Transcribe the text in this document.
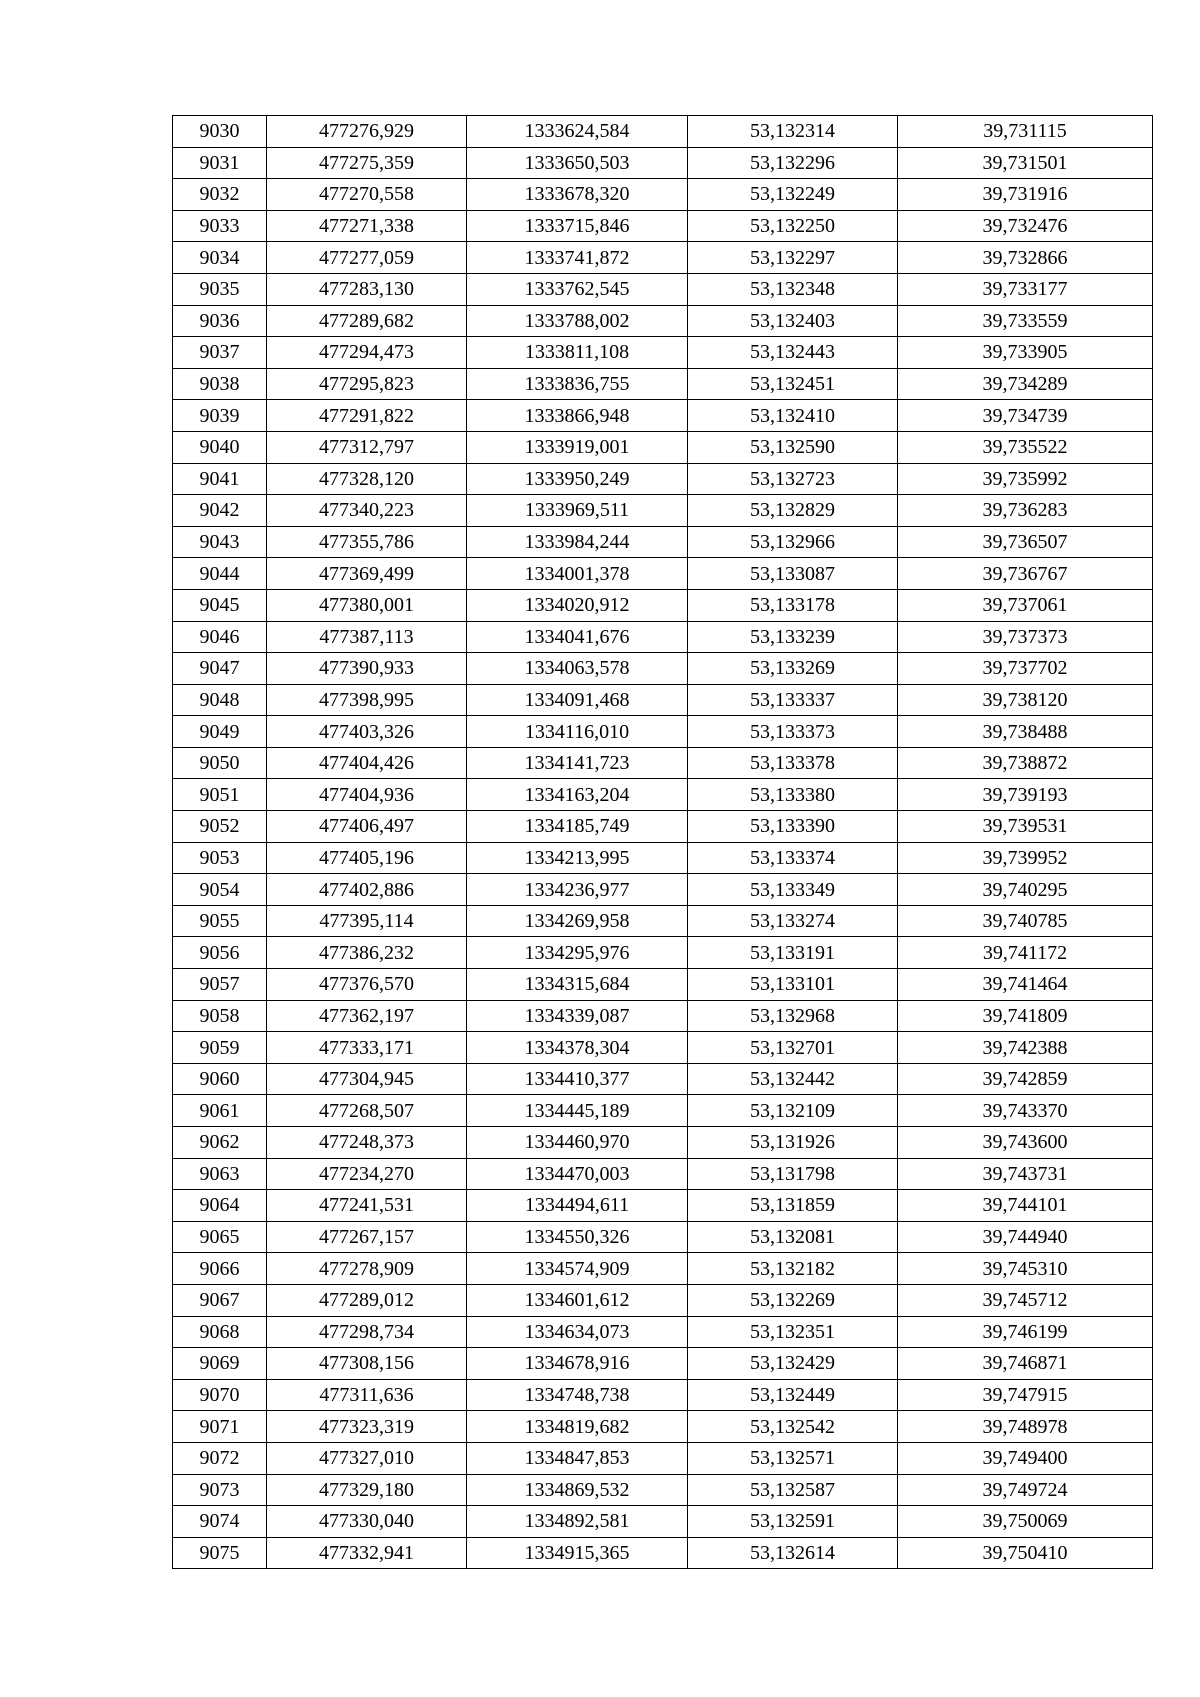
9030	477276,929	1333624,584	53,132314	39,731115
9031	477275,359	1333650,503	53,132296	39,731501
9032	477270,558	1333678,320	53,132249	39,731916
9033	477271,338	1333715,846	53,132250	39,732476
9034	477277,059	1333741,872	53,132297	39,732866
9035	477283,130	1333762,545	53,132348	39,733177
9036	477289,682	1333788,002	53,132403	39,733559
9037	477294,473	1333811,108	53,132443	39,733905
9038	477295,823	1333836,755	53,132451	39,734289
9039	477291,822	1333866,948	53,132410	39,734739
9040	477312,797	1333919,001	53,132590	39,735522
9041	477328,120	1333950,249	53,132723	39,735992
9042	477340,223	1333969,511	53,132829	39,736283
9043	477355,786	1333984,244	53,132966	39,736507
9044	477369,499	1334001,378	53,133087	39,736767
9045	477380,001	1334020,912	53,133178	39,737061
9046	477387,113	1334041,676	53,133239	39,737373
9047	477390,933	1334063,578	53,133269	39,737702
9048	477398,995	1334091,468	53,133337	39,738120
9049	477403,326	1334116,010	53,133373	39,738488
9050	477404,426	1334141,723	53,133378	39,738872
9051	477404,936	1334163,204	53,133380	39,739193
9052	477406,497	1334185,749	53,133390	39,739531
9053	477405,196	1334213,995	53,133374	39,739952
9054	477402,886	1334236,977	53,133349	39,740295
9055	477395,114	1334269,958	53,133274	39,740785
9056	477386,232	1334295,976	53,133191	39,741172
9057	477376,570	1334315,684	53,133101	39,741464
9058	477362,197	1334339,087	53,132968	39,741809
9059	477333,171	1334378,304	53,132701	39,742388
9060	477304,945	1334410,377	53,132442	39,742859
9061	477268,507	1334445,189	53,132109	39,743370
9062	477248,373	1334460,970	53,131926	39,743600
9063	477234,270	1334470,003	53,131798	39,743731
9064	477241,531	1334494,611	53,131859	39,744101
9065	477267,157	1334550,326	53,132081	39,744940
9066	477278,909	1334574,909	53,132182	39,745310
9067	477289,012	1334601,612	53,132269	39,745712
9068	477298,734	1334634,073	53,132351	39,746199
9069	477308,156	1334678,916	53,132429	39,746871
9070	477311,636	1334748,738	53,132449	39,747915
9071	477323,319	1334819,682	53,132542	39,748978
9072	477327,010	1334847,853	53,132571	39,749400
9073	477329,180	1334869,532	53,132587	39,749724
9074	477330,040	1334892,581	53,132591	39,750069
9075	477332,941	1334915,365	53,132614	39,750410
